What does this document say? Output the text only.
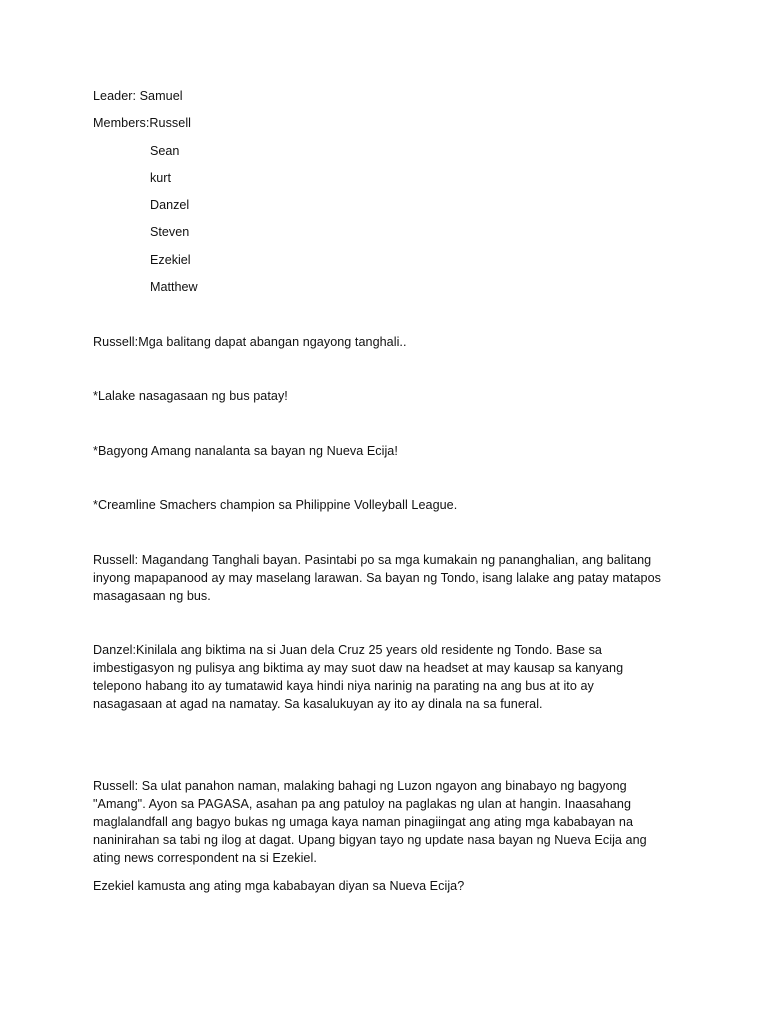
Leader: Samuel
Members:Russell
Sean
kurt
Danzel
Steven
Ezekiel
Matthew
Russell:Mga balitang dapat abangan ngayong tanghali..
*Lalake nasagasaan ng bus patay!
*Bagyong Amang nanalanta sa bayan ng Nueva Ecija!
*Creamline Smachers champion sa Philippine Volleyball League.
Russell: Magandang Tanghali bayan. Pasintabi po sa mga kumakain ng pananghalian, ang balitang
inyong mapapanood ay may maselang larawan. Sa bayan ng Tondo, isang lalake ang patay matapos
masagasaan ng bus.
Danzel:Kinilala ang biktima na si Juan dela Cruz 25 years old residente ng Tondo. Base sa
imbestigasyon ng pulisya ang biktima ay may suot daw na headset at may kausap sa kanyang
telepono habang ito ay tumatawid kaya hindi niya narinig na parating na ang bus at ito ay
nasagasaan at agad na namatay. Sa kasalukuyan ay ito ay dinala na sa funeral.
Russell: Sa ulat panahon naman, malaking bahagi ng Luzon ngayon ang binabayo ng bagyong
"Amang". Ayon sa PAGASA, asahan pa ang patuloy na paglakas ng ulan at hangin. Inaasahang
maglalandfall ang bagyo bukas ng umaga kaya naman pinagiingat ang ating mga kababayan na
naninirahan sa tabi ng ilog at dagat. Upang bigyan tayo ng update nasa bayan ng Nueva Ecija ang
ating news correspondent na si Ezekiel.
Ezekiel kamusta ang ating mga kababayan diyan sa Nueva Ecija?
